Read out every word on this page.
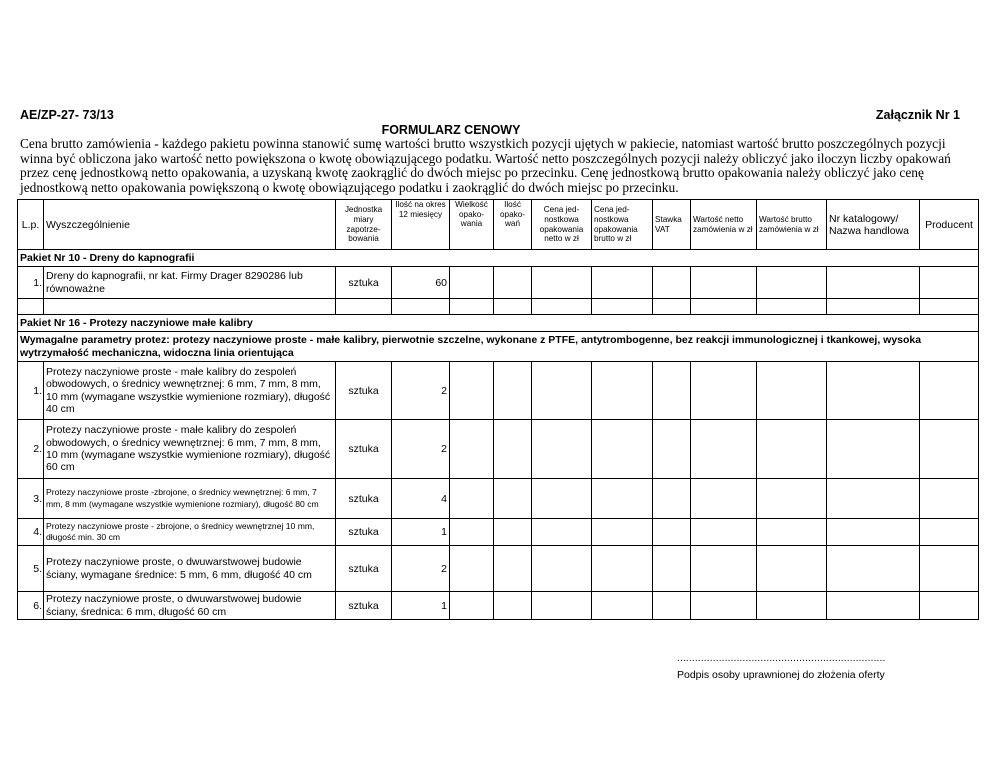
AE/ZP-27- 73/13	Załącznik Nr 1
FORMULARZ CENOWY

Cena brutto zamówienia - każdego pakietu powinna stanowić sumę wartości brutto wszystkich pozycji ujętych w pakiecie, natomiast wartość brutto poszczególnych pozycji winna być obliczona jako wartość netto powiększona o kwotę obowiązującego podatku. Wartość netto poszczególnych pozycji należy obliczyć jako iloczyn liczby opakowań przez cenę jednostkową netto opakowania, a uzyskaną kwotę zaokrąglić do dwóch miejsc po przecinku. Cenę jednostkową brutto opakowania należy obliczyć jako cenę jednostkową netto opakowania powiększoną o kwotę obowiązującego podatku i zaokrąglić do dwóch miejsc po przecinku.

L.p.	Wyszczególnienie	Jednostka miary zapotrze-bowania	Ilość na okres 12 miesięcy	Wielkość opako-wania	Ilość opako-wań	Cena jed-nostkowa opakowania netto w zł	Cena jed-nostkowa opakowania brutto w zł	Stawka VAT	Wartość netto zamówienia w zł	Wartość brutto zamówienia w zł	Nr katalogowy/ Nazwa handlowa	Producent
Pakiet Nr 10 - Dreny do kapnografii												
1.	Dreny do kapnografii, nr kat. Firmy Drager 8290286 lub równoważne	sztuka	60									

Pakiet Nr 16 - Protezy naczyniowe małe kalibry												
Wymagalne parametry protez: protezy naczyniowe proste - małe kalibry, pierwotnie szczelne, wykonane z PTFE, antytrombogenne, bez reakcji immunologicznej i tkankowej, wysoka wytrzymałość mechaniczna, widoczna linia orientująca												
1.	Protezy naczyniowe proste - małe kalibry do zespoleń obwodowych, o średnicy wewnętrznej: 6 mm, 7 mm, 8 mm, 10 mm (wymagane wszystkie wymienione rozmiary), długość 40 cm	sztuka	2									
2.	Protezy naczyniowe proste - małe kalibry do zespoleń obwodowych, o średnicy wewnętrznej: 6 mm, 7 mm, 8 mm, 10 mm (wymagane wszystkie wymienione rozmiary), długość 60 cm	sztuka	2									
3.	Protezy naczyniowe proste -zbrojone, o średnicy wewnętrznej: 6 mm, 7 mm, 8 mm (wymagane wszystkie wymienione rozmiary), długość 80 cm	sztuka	4									
4.	Protezy naczyniowe proste - zbrojone, o średnicy wewnętrznej 10 mm, długość min. 30 cm	sztuka	1									
5.	Protezy naczyniowe proste, o dwuwarstwowej budowie ściany, wymagane średnice: 5 mm, 6 mm, długość 40 cm	sztuka	2									
6.	Protezy naczyniowe proste, o dwuwarstwowej budowie ściany, średnica: 6 mm, długość 60 cm	sztuka	1									
......................................................................
Podpis osoby uprawnionej do złożenia oferty
